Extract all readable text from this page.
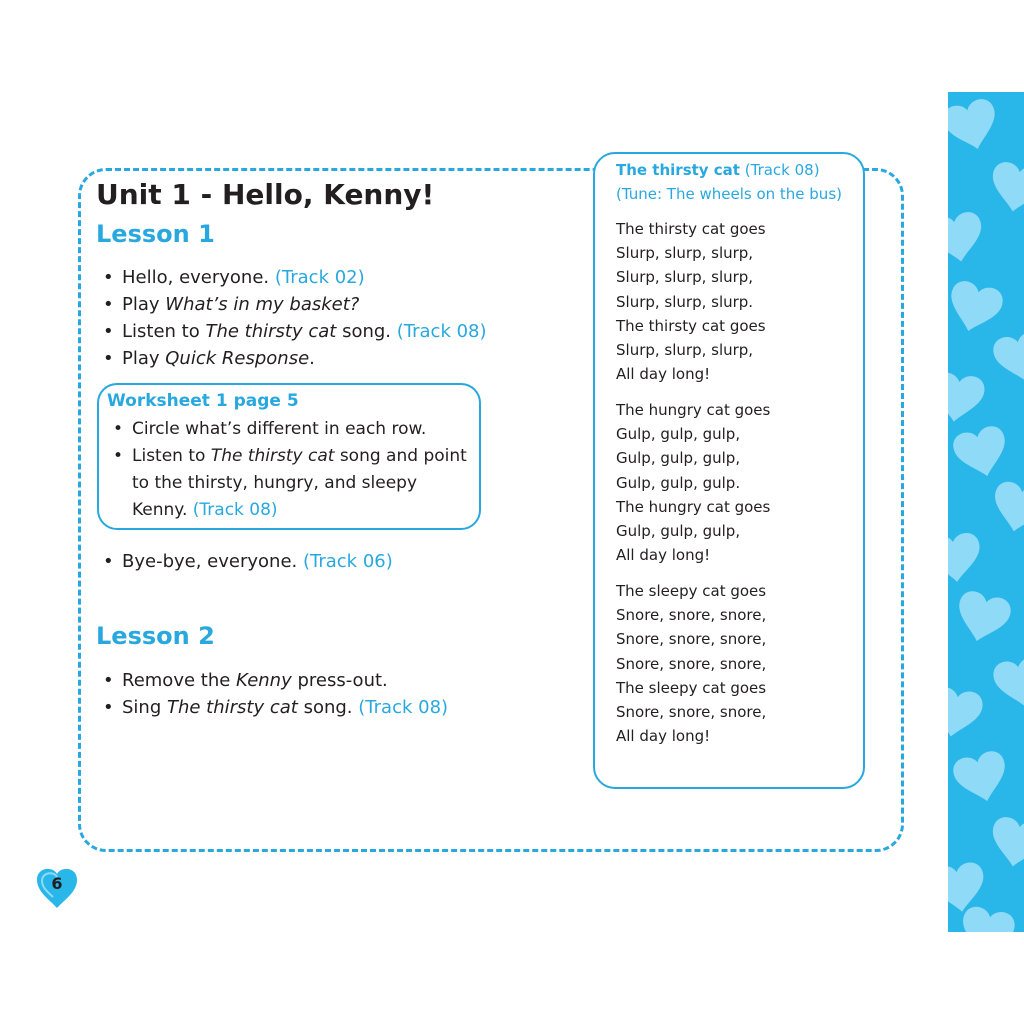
Unit 1 - Hello, Kenny!
Lesson 1
• Hello, everyone. (Track 02)
• Play What’s in my basket?
• Listen to The thirsty cat song. (Track 08)
• Play Quick Response.
Worksheet 1 page 5
• Circle what’s different in each row.
• Listen to The thirsty cat song and point to the thirsty, hungry, and sleepy Kenny. (Track 08)
• Bye-bye, everyone. (Track 06)
Lesson 2
• Remove the Kenny press-out.
• Sing The thirsty cat song. (Track 08)
The thirsty cat (Track 08)
(Tune: The wheels on the bus)
The thirsty cat goes
Slurp, slurp, slurp,
Slurp, slurp, slurp,
Slurp, slurp, slurp.
The thirsty cat goes
Slurp, slurp, slurp,
All day long!
The hungry cat goes
Gulp, gulp, gulp,
Gulp, gulp, gulp,
Gulp, gulp, gulp.
The hungry cat goes
Gulp, gulp, gulp,
All day long!
The sleepy cat goes
Snore, snore, snore,
Snore, snore, snore,
Snore, snore, snore,
The sleepy cat goes
Snore, snore, snore,
All day long!
6
